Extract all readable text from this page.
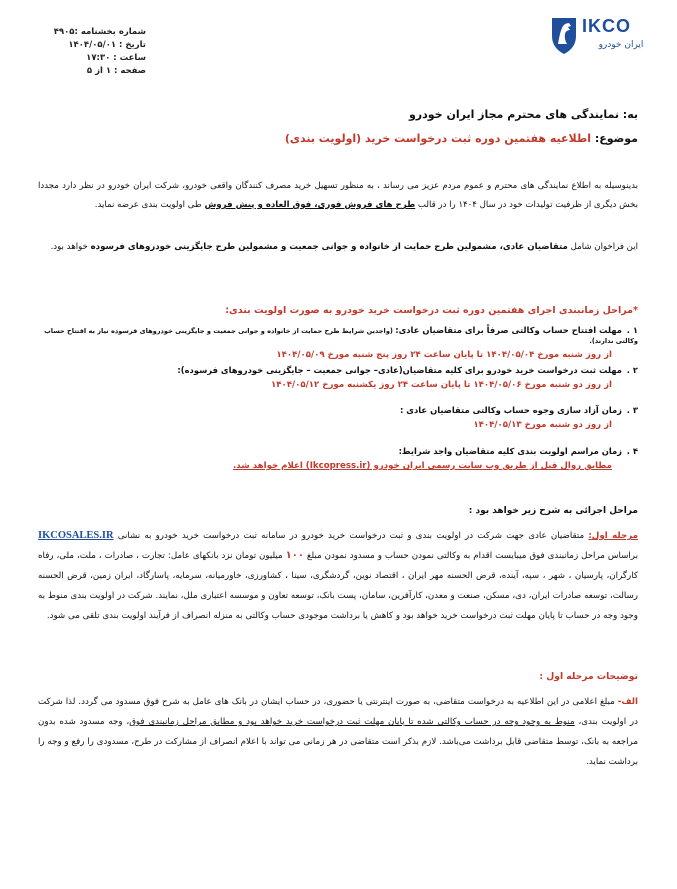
IKCO
ایران خودرو
شماره بخشنامه :۴۹۰۵
تاریخ : ۱۴۰۴/۰۵/۰۱
ساعت : ۱۷:۳۰
صفحه : ۱ از ۵
به: نمایندگی های محترم مجاز ایران خودرو
موضوع: اطلاعیه هفتمین دوره ثبت درخواست خرید (اولویت بندی)
بدینوسیله به اطلاع نمایندگی های محترم و عموم مردم عزیز می رساند ، به منظور تسهیل خرید مصرف کنندگان واقعی خودرو، شرکت ایران خودرو در نظر دارد مجددا بخش دیگری از ظرفیت تولیدات خود در سال ۱۴۰۴ را در قالب طرح های فروش فوری، فوق العاده و پیش فروش طی اولویت بندی عرضه نماید.
این فراخوان شامل متقاضیان عادی، مشمولین طرح حمایت از خانواده و جوانی جمعیت و مشمولین طرح جایگزینی خودروهای فرسوده خواهد بود.
*مراحل زمانبندی اجرای هفتمین دوره ثبت درخواست خرید خودرو به صورت اولویت بندی:
۱ .مهلت افتتاح حساب وکالتی صرفاً برای متقاضیان عادی: (واجدین شرایط طرح حمایت از خانواده و جوانی جمعیت و جایگزینی خودروهای فرسوده نیاز به افتتاح حساب وکالتی ندارند).
از روز شنبه مورخ ۱۴۰۴/۰۵/۰۴ تا پایان ساعت ۲۴ روز پنج شنبه مورخ ۱۴۰۴/۰۵/۰۹
۲ .مهلت ثبت درخواست خرید خودرو برای کلیه متقاضیان(عادی– جوانی جمعیت – جایگزینی خودروهای فرسوده):
از روز دو شنبه مورخ ۱۴۰۴/۰۵/۰۶ تا پایان ساعت ۲۴ روز یکشنبه مورخ ۱۴۰۴/۰۵/۱۲
۳ .زمان آزاد سازی وجوه حساب وکالتی متقاضیان عادی :
از روز دو شنبه مورخ ۱۴۰۴/۰۵/۱۳
۴ .زمان مراسم اولویت بندی کلیه متقاضیان واجد شرایط:
مطابق روال قبل از طریق وب سایت رسمی ایران خودرو (Ikcopress.ir) اعلام خواهد شد.
مراحل اجرائی به شرح زیر خواهد بود :
مرحله اول: متقاضیان عادی جهت شرکت در اولویت بندی و ثبت درخواست خرید خودرو در سامانه ثبت درخواست خرید خودرو به نشانی IKCOSALES.IR براساس مراحل زمانبندی فوق میبایست اقدام به وکالتی نمودن حساب و مسدود نمودن مبلغ ۱۰۰ میلیون تومان نزد بانکهای عامل: تجارت ، صادرات ، ملت، ملی، رفاه کارگران، پارسیان ، شهر ، سپه، آینده، قرض الحسنه مهر ایران ، اقتصاد نوین، گردشگری، سینا ، کشاورزی، خاورمیانه، سرمایه، پاسارگاد، ایران زمین، قرض الحسنه رسالت، توسعه صادرات ایران، دی، مسکن، صنعت و معدن، کارآفرین، سامان، پست بانک، توسعه تعاون و موسسه اعتباری ملل، نمایند. شرکت در اولویت بندی منوط به وجود وجه در حساب تا پایان مهلت ثبت درخواست خرید خواهد بود و کاهش یا برداشت موجودی حساب وکالتی به منزله انصراف از فرآیند اولویت بندی تلقی می شود.
توضیحات مرحله اول :
الف- مبلغ اعلامی در این اطلاعیه به درخواست متقاضی، به صورت اینترنتی یا حضوری، در حساب ایشان در بانک های عامل به شرح فوق مسدود می گردد. لذا شرکت در اولویت بندی، منوط به وجود وجه در حساب وکالتی شده تا پایان مهلت ثبت درخواست خرید خواهد بود و مطابق مراحل زمانبندی فوق، وجه مسدود شده بدون مراجعه به بانک، توسط متقاضی قابل برداشت می‌باشد. لازم بذکر است متقاضی در هر زمانی می تواند با اعلام انصراف از مشارکت در طرح، مسدودی را رفع و وجه را برداشت نماید.
